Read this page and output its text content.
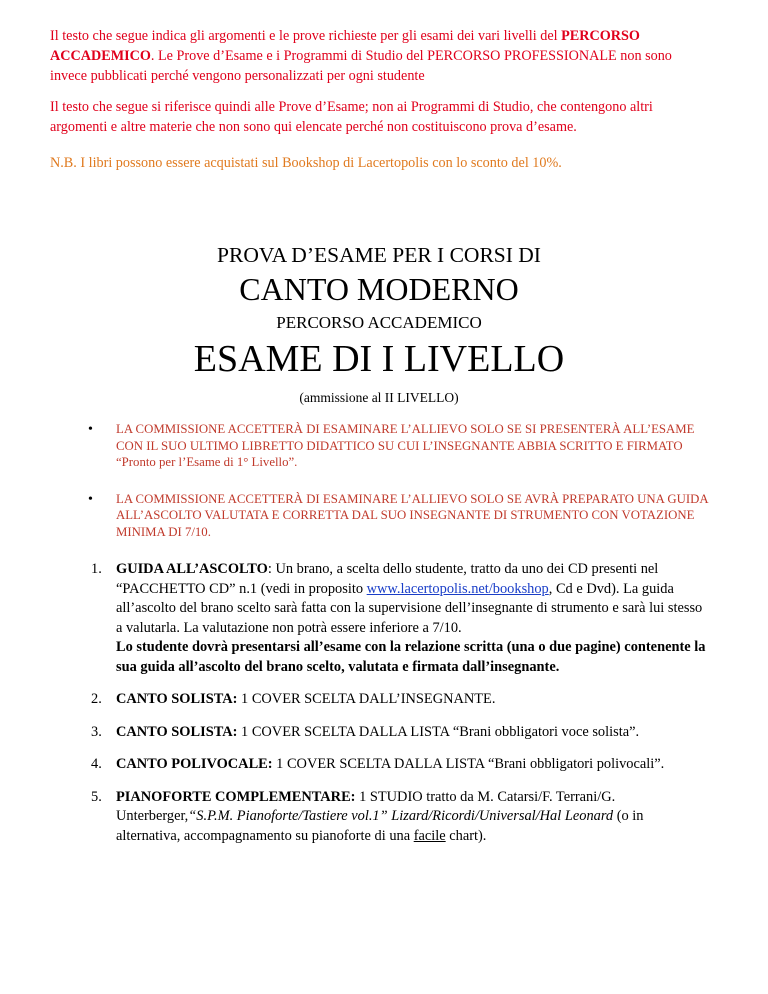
Il testo che segue indica gli argomenti e le prove richieste per gli esami dei vari livelli del PERCORSO ACCADEMICO. Le Prove d’Esame e i Programmi di Studio del PERCORSO PROFESSIONALE non sono invece pubblicati perché vengono personalizzati per ogni studente

Il testo che segue si riferisce quindi alle Prove d’Esame; non ai Programmi di Studio, che contengono altri argomenti e altre materie che non sono qui elencate perché non costituiscono prova d’esame.

N.B. I libri possono essere acquistati sul Bookshop di Lacertopolis con lo sconto del 10%.

PROVA D’ESAME PER I CORSI DI
CANTO MODERNO
PERCORSO ACCADEMICO
ESAME DI I LIVELLO
(ammissione al II LIVELLO)
• LA COMMISSIONE ACCETTERÀ DI ESAMINARE L’ALLIEVO SOLO SE SI PRESENTERÀ ALL’ESAME CON IL SUO ULTIMO LIBRETTO DIDATTICO SU CUI L’INSEGNANTE ABBIA SCRITTO E FIRMATO “Pronto per l’Esame di 1° Livello”.
• LA COMMISSIONE ACCETTERÀ DI ESAMINARE L’ALLIEVO SOLO SE AVRÀ PREPARATO UNA GUIDA ALL’ASCOLTO VALUTATA E CORRETTA DAL SUO INSEGNANTE DI STRUMENTO CON VOTAZIONE MINIMA DI 7/10.
1. GUIDA ALL’ASCOLTO: Un brano, a scelta dello studente, tratto da uno dei CD presenti nel “PACCHETTO CD” n.1 (vedi in proposito www.lacertopolis.net/bookshop, Cd e Dvd). La guida all’ascolto del brano scelto sarà fatta con la supervisione dell’insegnante di strumento e sarà lui stesso a valutarla. La valutazione non potrà essere inferiore a 7/10.
Lo studente dovrà presentarsi all’esame con la relazione scritta (una o due pagine) contenente la sua guida all’ascolto del brano scelto, valutata e firmata dall’insegnante.
2. CANTO SOLISTA: 1 COVER SCELTA DALL’INSEGNANTE.
3. CANTO SOLISTA: 1 COVER SCELTA DALLA LISTA “Brani obbligatori voce solista”.
4. CANTO POLIVOCALE: 1 COVER SCELTA DALLA LISTA “Brani obbligatori polivocali”.
5. PIANOFORTE COMPLEMENTARE: 1 STUDIO tratto da M. Catarsi/F. Terrani/G. Unterberger,“S.P.M. Pianoforte/Tastiere vol.1” Lizard/Ricordi/Universal/Hal Leonard (o in alternativa, accompagnamento su pianoforte di una facile chart).
